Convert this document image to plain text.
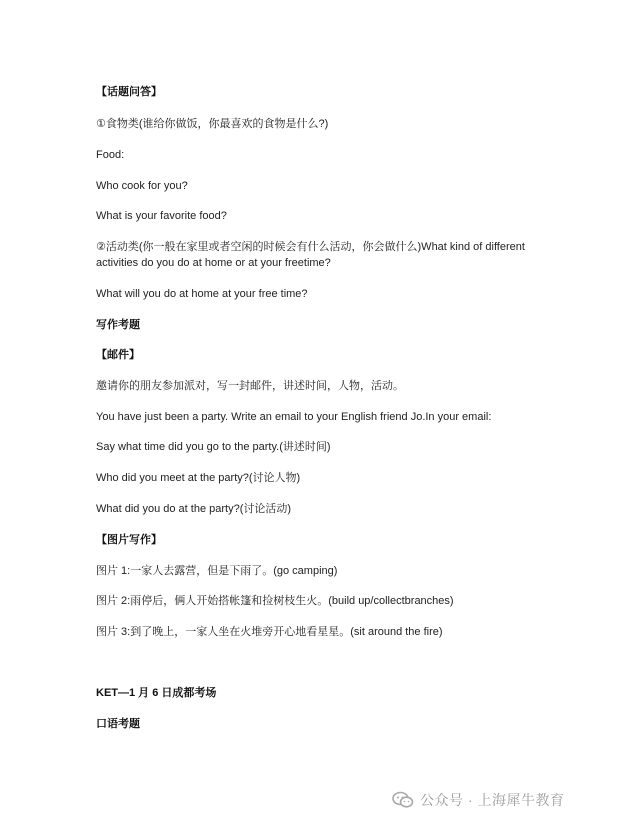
【话题问答】
①食物类(谁给你做饭，你最喜欢的食物是什么?)
Food:
Who cook for you?
What is your favorite food?
②活动类(你一般在家里或者空闲的时候会有什么活动，你会做什么)What kind of different activities do you do at home or at your freetime?
What will you do at home at your free time?
写作考题
【邮件】
邀请你的朋友参加派对，写一封邮件，讲述时间，人物，活动。
You have just been a party. Write an email to your English friend Jo.In your email:
Say what time did you go to the party.(讲述时间)
Who did you meet at the party?(讨论人物)
What did you do at the party?(讨论活动)
【图片写作】
图片 1:一家人去露营，但是下雨了。(go camping)
图片 2:雨停后，俩人开始搭帐篷和捡树枝生火。(build up/collectbranches)
图片 3:到了晚上，一家人坐在火堆旁开心地看星星。(sit around the fire)
KET—1 月 6 日成都考场
口语考题
公众号 · 上海犀牛教育
